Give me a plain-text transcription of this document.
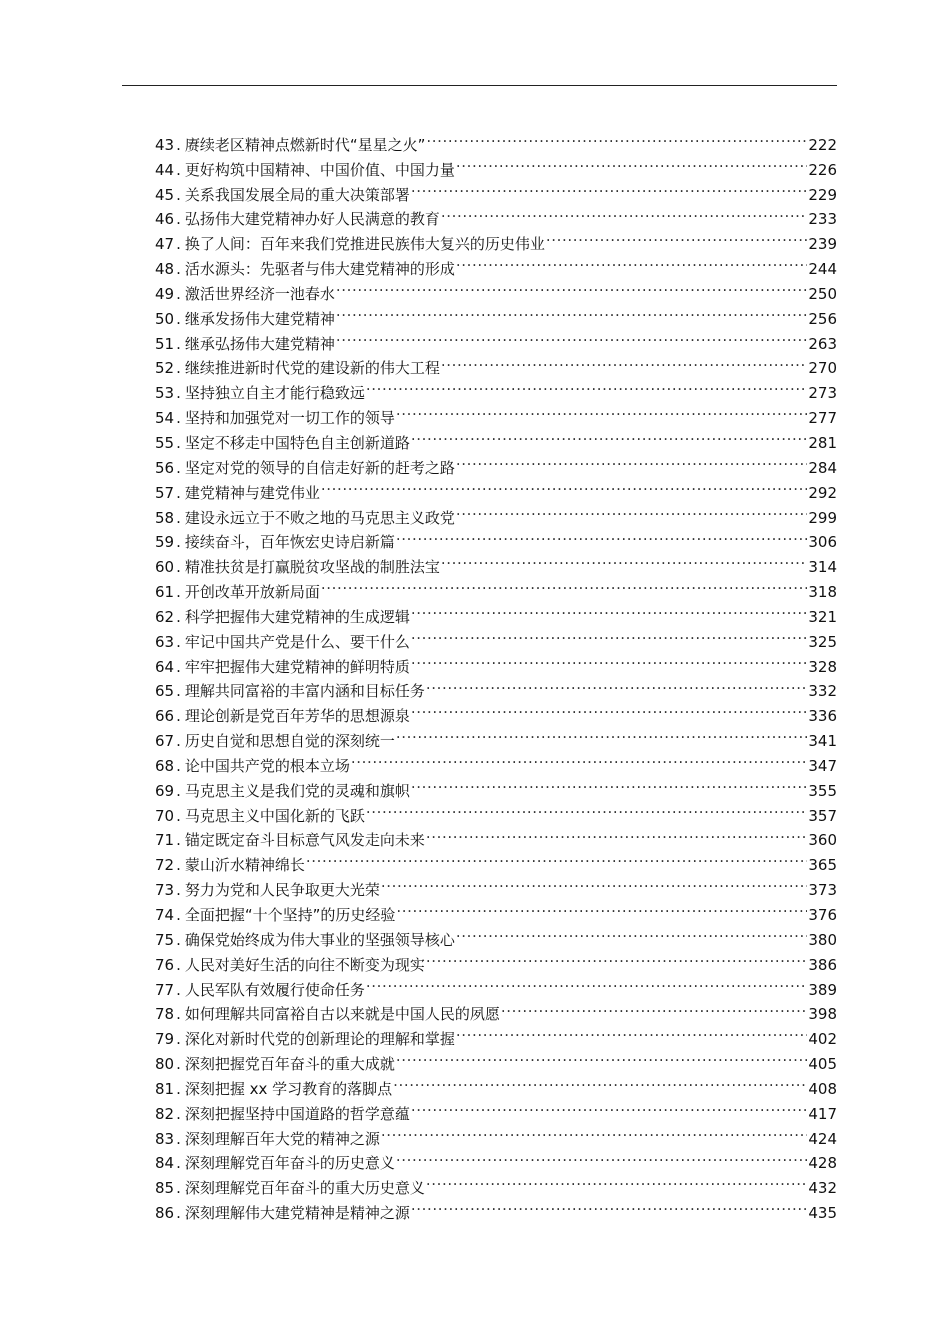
43 . 赓续老区精神点燃新时代“星星之火” .....	222
44 . 更好构筑中国精神、中国价值、中国力量 .....	226
45 . 关系我国发展全局的重大决策部署 .....	229
46 . 弘扬伟大建党精神办好人民满意的教育 .....	233
47 . 换了人间：百年来我们党推进民族伟大复兴的历史伟业 .....	239
48 . 活水源头：先驱者与伟大建党精神的形成 .....	244
49 . 激活世界经济一池春水 .....	250
50 . 继承发扬伟大建党精神 .....	256
51 . 继承弘扬伟大建党精神 .....	263
52 . 继续推进新时代党的建设新的伟大工程 .....	270
53 . 坚持独立自主才能行稳致远 .....	273
54 . 坚持和加强党对一切工作的领导 .....	277
55 . 坚定不移走中国特色自主创新道路 .....	281
56 . 坚定对党的领导的自信走好新的赶考之路 .....	284
57 . 建党精神与建党伟业 .....	292
58 . 建设永远立于不败之地的马克思主义政党 .....	299
59 . 接续奋斗，百年恢宏史诗启新篇 .....	306
60 . 精准扶贫是打赢脱贫攻坚战的制胜法宝 .....	314
61 . 开创改革开放新局面 .....	318
62 . 科学把握伟大建党精神的生成逻辑 .....	321
63 . 牢记中国共产党是什么、要干什么 .....	325
64 . 牢牢把握伟大建党精神的鲜明特质 .....	328
65 . 理解共同富裕的丰富内涵和目标任务 .....	332
66 . 理论创新是党百年芳华的思想源泉 .....	336
67 . 历史自觉和思想自觉的深刻统一 .....	341
68 . 论中国共产党的根本立场 .....	347
69 . 马克思主义是我们党的灵魂和旗帜 .....	355
70 . 马克思主义中国化新的飞跃 .....	357
71 . 锚定既定奋斗目标意气风发走向未来 .....	360
72 . 蒙山沂水精神绵长 .....	365
73 . 努力为党和人民争取更大光荣 .....	373
74 . 全面把握“十个坚持”的历史经验 .....	376
75 . 确保党始终成为伟大事业的坚强领导核心 .....	380
76 . 人民对美好生活的向往不断变为现实 .....	386
77 . 人民军队有效履行使命任务 .....	389
78 . 如何理解共同富裕自古以来就是中国人民的夙愿 .....	398
79 . 深化对新时代党的创新理论的理解和掌握 .....	402
80 . 深刻把握党百年奋斗的重大成就 .....	405
81 . 深刻把握 xx 学习教育的落脚点 .....	408
82 . 深刻把握坚持中国道路的哲学意蕴 .....	417
83 . 深刻理解百年大党的精神之源 .....	424
84 . 深刻理解党百年奋斗的历史意义 .....	428
85 . 深刻理解党百年奋斗的重大历史意义 .....	432
86 . 深刻理解伟大建党精神是精神之源 .....	435
